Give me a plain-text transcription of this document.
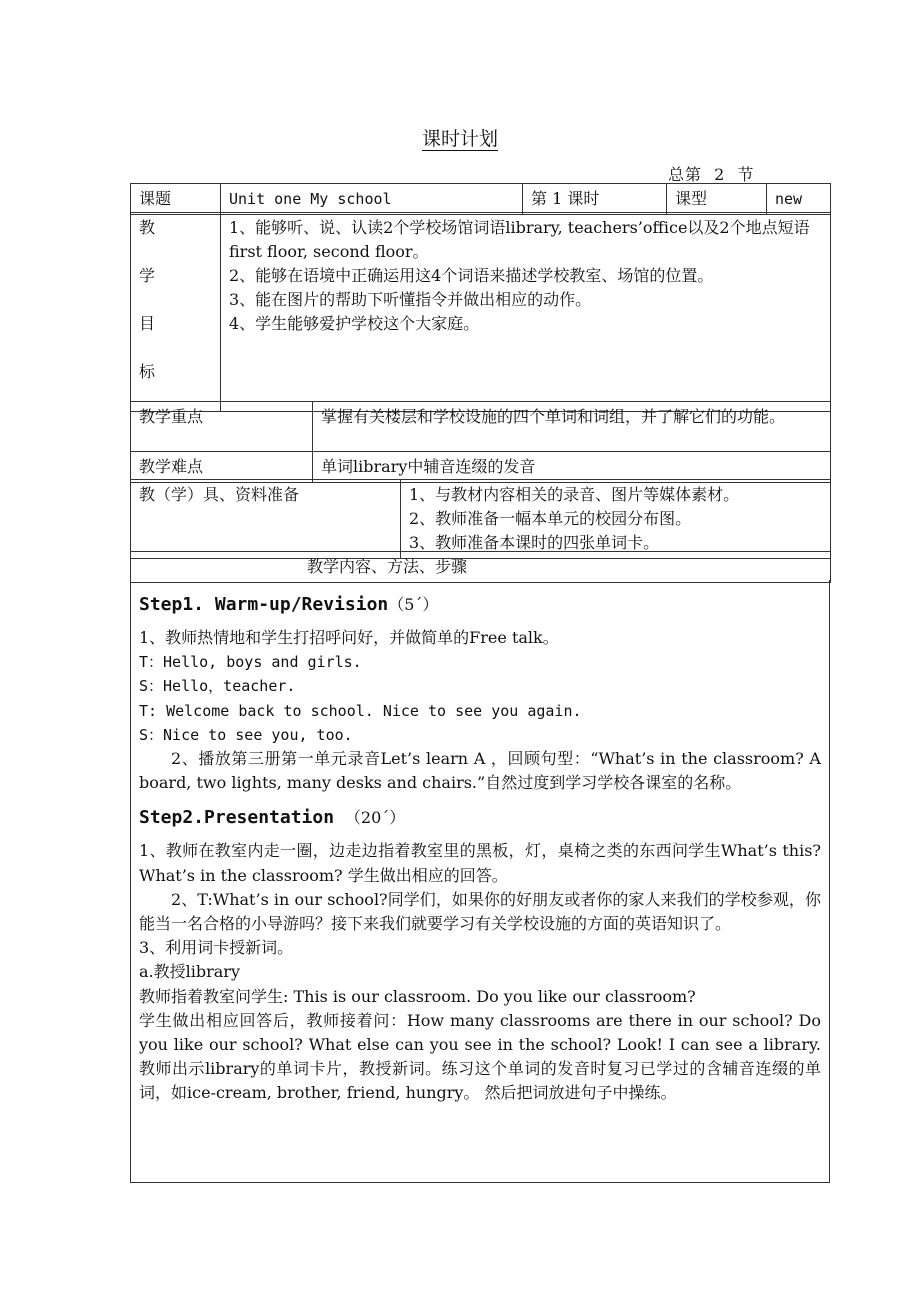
课时计划
总第  2  节
课题	Unit one My school	第 1 课时	课型	new
教
学
目
标

1、能够听、说、认读2个学校场馆词语library, teachers’office以及2个地点短语first floor, second floor。

2、能够在语境中正确运用这4个词语来描述学校教室、场馆的位置。

3、能在图片的帮助下听懂指令并做出相应的动作。

4、学生能够爱护学校这个大家庭。

教学重点	掌握有关楼层和学校设施的四个单词和词组，并了解它们的功能。
教学难点	单词library中辅音连缀的发音
教（学）具、资料准备	1、与教材内容相关的录音、图片等媒体素材。

2、教师准备一幅本单元的校园分布图。

3、教师准备本课时的四张单词卡。

教学内容、方法、步骤

Step1. Warm-up/Revision（5´）

1、教师热情地和学生打招呼问好，并做简单的Free talk。

T：Hello, boys and girls.

S：Hello，teacher.

T: Welcome back to school. Nice to see you again.

S：Nice to see you, too.

2、播放第三册第一单元录音Let’s learn A ，回顾句型：“What’s in the classroom? A board, two lights, many desks and chairs.”自然过度到学习学校各课室的名称。

Step2.Presentation （20´）

1、教师在教室内走一圈，边走边指着教室里的黑板，灯，桌椅之类的东西问学生What’s this? What’s in the classroom? 学生做出相应的回答。

2、T:What’s in our school?同学们，如果你的好朋友或者你的家人来我们的学校参观，你能当一名合格的小导游吗？接下来我们就要学习有关学校设施的方面的英语知识了。

3、利用词卡授新词。

a.教授library

教师指着教室问学生: This is our classroom. Do you like our classroom?

学生做出相应回答后，教师接着问：How many classrooms are there in our school? Do you like our school? What else can you see in the school? Look! I can see a library.教师出示library的单词卡片，教授新词。练习这个单词的发音时复习已学过的含辅音连缀的单词，如ice-cream, brother, friend, hungry。 然后把词放进句子中操练。
